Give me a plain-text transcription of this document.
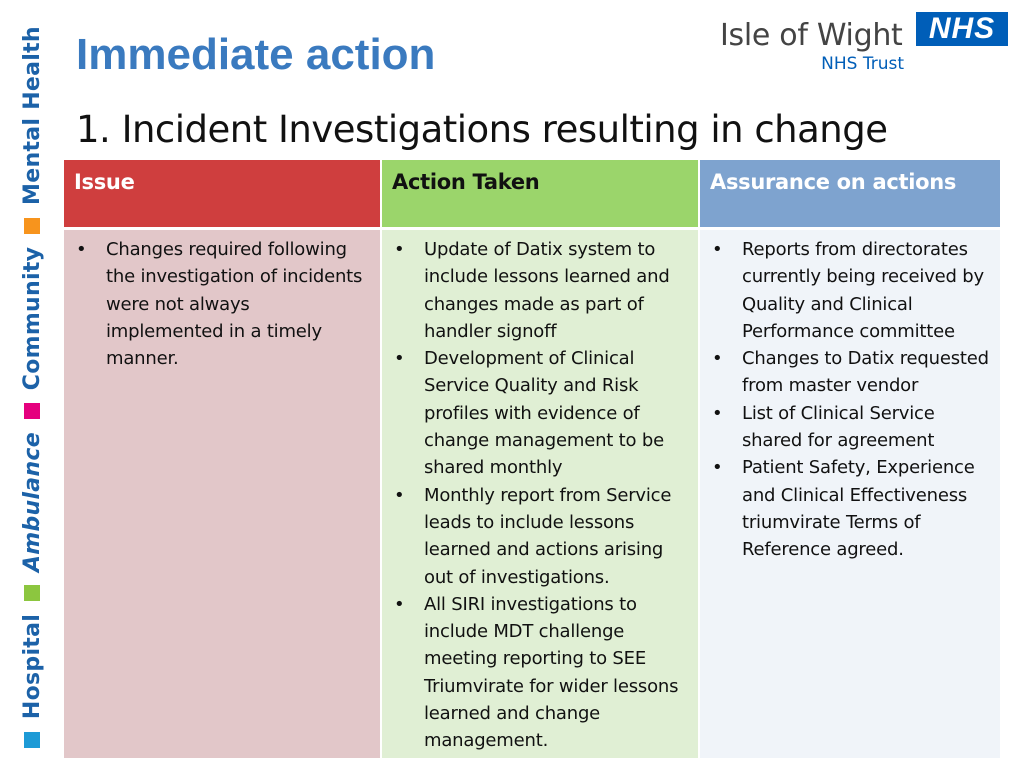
Hospital
Ambulance
Community
Mental Health Immediate action
1. Incident Investigations resulting in change
Isle of Wight NHS
NHS Trust
Issue
• Changes required following the investigation of incidents were not always implemented in a timely manner.
Action Taken
• Update of Datix system to include lessons learned and changes made as part of handler signoff
• Development of Clinical Service Quality and Risk profiles with evidence of change management to be shared monthly
• Monthly report from Service leads to include lessons learned and actions arising out of investigations.
• All SIRI investigations to include MDT challenge meeting reporting to SEE Triumvirate for wider lessons learned and change management.
Assurance on actions
• Reports from directorates currently being received by Quality and Clinical Performance committee
• Changes to Datix requested from master vendor
• List of Clinical Service shared for agreement
• Patient Safety, Experience and Clinical Effectiveness triumvirate Terms of Reference agreed.
